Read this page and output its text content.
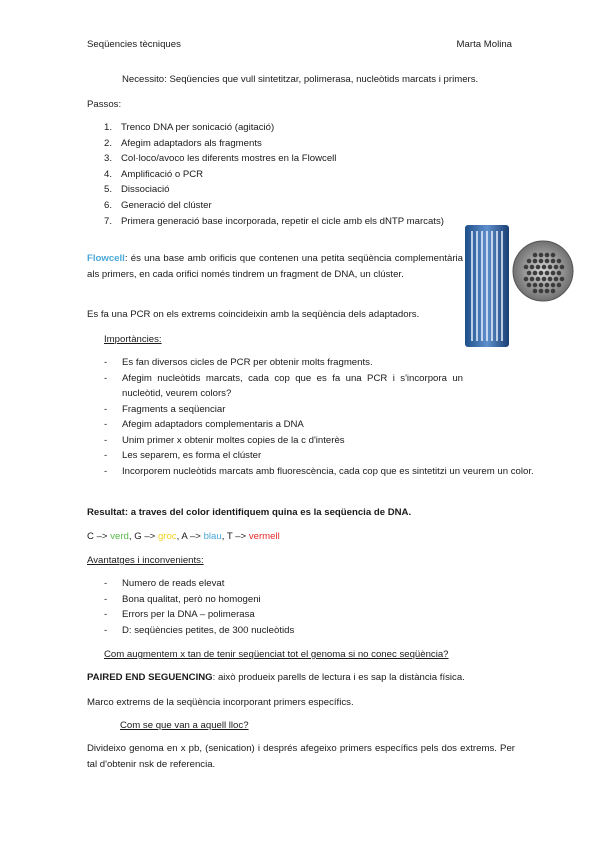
Seqüencies tècniques	Marta Molina
Necessito: Seqüencies que vull sintetitzar, polimerasa, nucleòtids marcats i primers.
Passos:
1. Trenco DNA per sonicació (agitació)
2. Afegim adaptadors als fragments
3. Col·loco/avoco les diferents mostres en la Flowcell
4. Amplificació o PCR
5. Dissociació
6. Generació del clúster
7. Primera generació base incorporada, repetir el cicle amb els dNTP marcats)
Flowcell: és una base amb orificis que contenen una petita seqüència complementària als primers, en cada orifici només tindrem un fragment de DNA, un clúster.
Es fa una PCR on els extrems coincideixin amb la seqüència dels adaptadors.
Importàncies:
- Es fan diversos cicles de PCR per obtenir molts fragments.
- Afegim nucleòtids marcats, cada cop que es fa una PCR i s'incorpora un nucleòtid, veurem colors?
- Fragments a seqüenciar
- Afegim adaptadors complementaris a DNA
- Unim primer x obtenir moltes copies de la c d'interès
- Les separem, es forma el clúster
- Incorporem nucleòtids marcats amb fluorescència, cada cop que es sintetitzi un veurem un color.
Resultat: a traves del color identifiquem quina es la seqüencia de DNA.
C –> verd, G –> groc, A –> blau, T –> vermell
Avantatges i inconvenients:
- Numero de reads elevat
- Bona qualitat, però no homogeni
- Errors per la DNA – polimerasa
- D: seqüències petites, de 300 nucleòtids
Com augmentem x tan de tenir seqüenciat tot el genoma si no conec seqüència?
PAIRED END SEGUENCING: això produeix parells de lectura i es sap la distància física.
Marco extrems de la seqüència incorporant primers específics.
Com se que van a aquell lloc?
Divideixo genoma en x pb, (senication) i després afegeixo primers específics pels dos extrems. Per tal d'obtenir nsk de referencia.
